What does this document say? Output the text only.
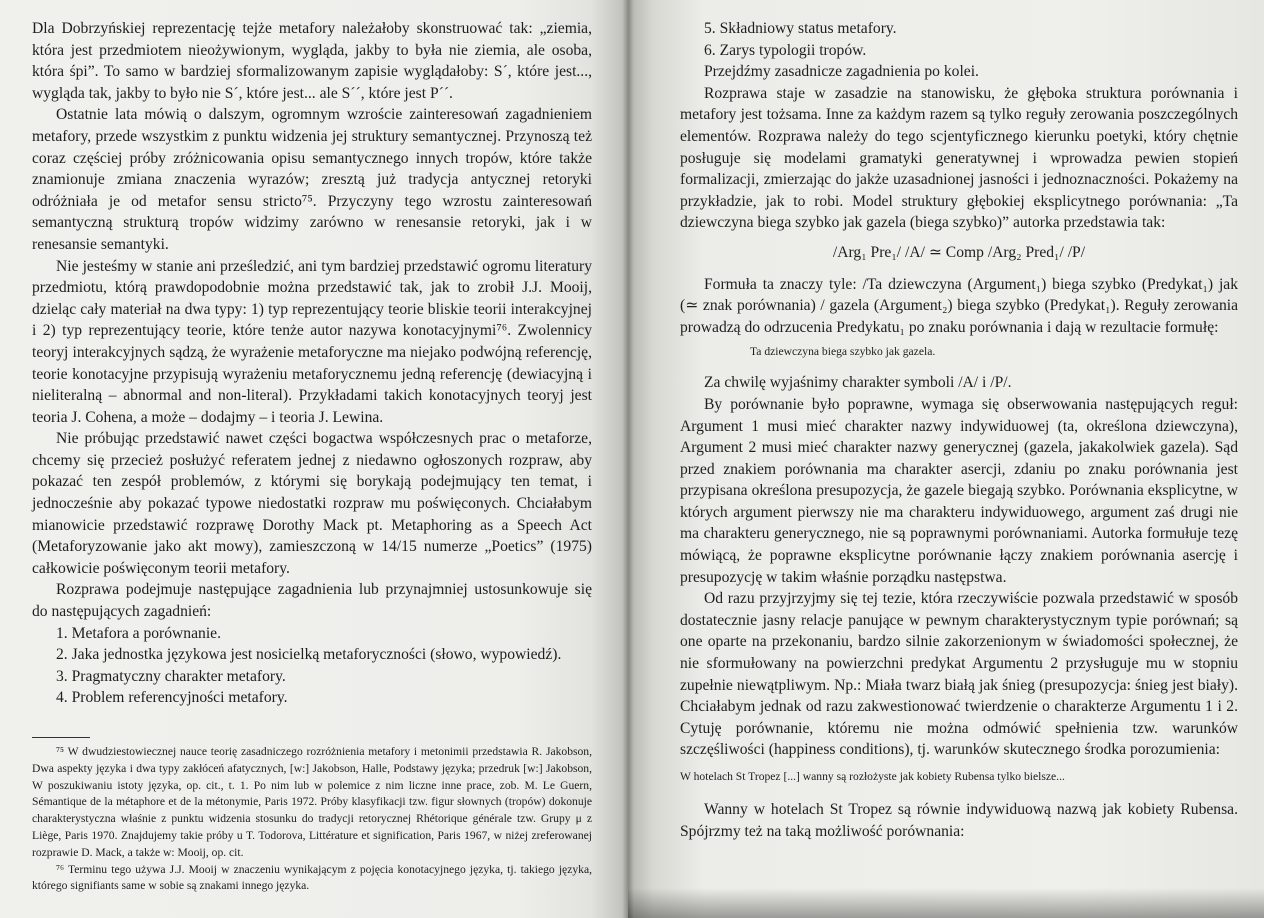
Dla Dobrzyńskiej reprezentację tejże metafory należałoby skonstruować tak: „ziemia, która jest przedmiotem nieożywionym, wygląda, jakby to była nie ziemia, ale osoba, która śpi”. To samo w bardziej sformalizowanym zapisie wyglądałoby: S´, które jest..., wygląda tak, jakby to było nie S´, które jest... ale S´´, które jest P´´.

Ostatnie lata mówią o dalszym, ogromnym wzroście zainteresowań zagadnieniem metafory, przede wszystkim z punktu widzenia jej struktury semantycznej. Przynoszą też coraz częściej próby zróżnicowania opisu semantycznego innych tropów, które także znamionuje zmiana znaczenia wyrazów; zresztą już tradycja antycznej retoryki odróżniała je od metafor sensu stricto⁷⁵. Przyczyny tego wzrostu zainteresowań semantyczną strukturą tropów widzimy zarówno w renesansie retoryki, jak i w renesansie semantyki.

Nie jesteśmy w stanie ani prześledzić, ani tym bardziej przedstawić ogromu literatury przedmiotu, którą prawdopodobnie można przedstawić tak, jak to zrobił J.J. Mooij, dzieląc cały materiał na dwa typy: 1) typ reprezentujący teorie bliskie teorii interakcyjnej i 2) typ reprezentujący teorie, które tenże autor nazywa konotacyjnymi⁷⁶. Zwolennicy teoryj interakcyjnych sądzą, że wyrażenie metaforyczne ma niejako podwójną referencję, teorie konotacyjne przypisują wyrażeniu metaforycznemu jedną referencję (dewiacyjną i nieliteralną – abnormal and non-literal). Przykładami takich konotacyjnych teoryj jest teoria J. Cohena, a może – dodajmy – i teoria J. Lewina.

Nie próbując przedstawić nawet części bogactwa współczesnych prac o metaforze, chcemy się przecież posłużyć referatem jednej z niedawno ogłoszonych rozpraw, aby pokazać ten zespół problemów, z którymi się borykają podejmujący ten temat, i jednocześnie aby pokazać typowe niedostatki rozpraw mu poświęconych. Chciałabym mianowicie przedstawić rozprawę Dorothy Mack pt. Metaphoring as a Speech Act (Metaforyzowanie jako akt mowy), zamieszczoną w 14/15 numerze „Poetics” (1975) całkowicie poświęconym teorii metafory.

Rozprawa podejmuje następujące zagadnienia lub przynajmniej ustosunkowuje się do następujących zagadnień:

1. Metafora a porównanie.

2. Jaka jednostka językowa jest nosicielką metaforyczności (słowo, wypowiedź).

3. Pragmatyczny charakter metafory.

4. Problem referencyjności metafory.

⁷⁵ W dwudziestowiecznej nauce teorię zasadniczego rozróżnienia metafory i metonimii przedstawia R. Jakobson, Dwa aspekty języka i dwa typy zakłóceń afatycznych, [w:] Jakobson, Halle, Podstawy języka; przedruk [w:] Jakobson, W poszukiwaniu istoty języka, op. cit., t. 1. Po nim lub w polemice z nim liczne inne prace, zob. M. Le Guern, Sémantique de la métaphore et de la métonymie, Paris 1972. Próby klasyfikacji tzw. figur słownych (tropów) dokonuje charakterystyczna właśnie z punktu widzenia stosunku do tradycji retorycznej Rhétorique générale tzw. Grupy μ z Liège, Paris 1970. Znajdujemy takie próby u T. Todorova, Littérature et signification, Paris 1967, w niżej zreferowanej rozprawie D. Mack, a także w: Mooij, op. cit.

⁷⁶ Terminu tego używa J.J. Mooij w znaczeniu wynikającym z pojęcia konotacyjnego języka, tj. takiego języka, którego signifiants same w sobie są znakami innego języka.

5. Składniowy status metafory.

6. Zarys typologii tropów.

Przejdźmy zasadnicze zagadnienia po kolei.

Rozprawa staje w zasadzie na stanowisku, że głęboka struktura porównania i metafory jest tożsama. Inne za każdym razem są tylko reguły zerowania poszczególnych elementów. Rozprawa należy do tego scjentyficznego kierunku poetyki, który chętnie posługuje się modelami gramatyki generatywnej i wprowadza pewien stopień formalizacji, zmierzając do jakże uzasadnionej jasności i jednoznaczności. Pokażemy na przykładzie, jak to robi. Model struktury głębokiej eksplicytnego porównania: „Ta dziewczyna biega szybko jak gazela (biega szybko)” autorka przedstawia tak:

/Arg₁ Pre₁/ /A/ ≃ Comp /Arg₂ Pred₁/ /P/

Formuła ta znaczy tyle: /Ta dziewczyna (Argument₁) biega szybko (Predykat₁) jak (≃ znak porównania) / gazela (Argument₂) biega szybko (Predykat₁). Reguły zerowania prowadzą do odrzucenia Predykatu₁ po znaku porównania i dają w rezultacie formułę:

Ta dziewczyna biega szybko jak gazela.

Za chwilę wyjaśnimy charakter symboli /A/ i /P/.

By porównanie było poprawne, wymaga się obserwowania następujących reguł: Argument 1 musi mieć charakter nazwy indywiduowej (ta, określona dziewczyna), Argument 2 musi mieć charakter nazwy generycznej (gazela, jakakolwiek gazela). Sąd przed znakiem porównania ma charakter asercji, zdaniu po znaku porównania jest przypisana określona presupozycja, że gazele biegają szybko. Porównania eksplicytne, w których argument pierwszy nie ma charakteru indywiduowego, argument zaś drugi nie ma charakteru generycznego, nie są poprawnymi porównaniami. Autorka formułuje tezę mówiącą, że poprawne eksplicytne porównanie łączy znakiem porównania asercję i presupozycję w takim właśnie porządku następstwa.

Od razu przyjrzyjmy się tej tezie, która rzeczywiście pozwala przedstawić w sposób dostatecznie jasny relacje panujące w pewnym charakterystycznym typie porównań; są one oparte na przekonaniu, bardzo silnie zakorzenionym w świadomości społecznej, że nie sformułowany na powierzchni predykat Argumentu 2 przysługuje mu w stopniu zupełnie niewątpliwym. Np.: Miała twarz białą jak śnieg (presupozycja: śnieg jest biały). Chciałabym jednak od razu zakwestionować twierdzenie o charakterze Argumentu 1 i 2. Cytuję porównanie, któremu nie można odmówić spełnienia tzw. warunków szczęśliwości (happiness conditions), tj. warunków skutecznego środka porozumienia:

W hotelach St Tropez [...] wanny są rozłożyste jak kobiety Rubensa tylko bielsze...

Wanny w hotelach St Tropez są równie indywiduową nazwą jak kobiety Rubensa. Spójrzmy też na taką możliwość porównania:
